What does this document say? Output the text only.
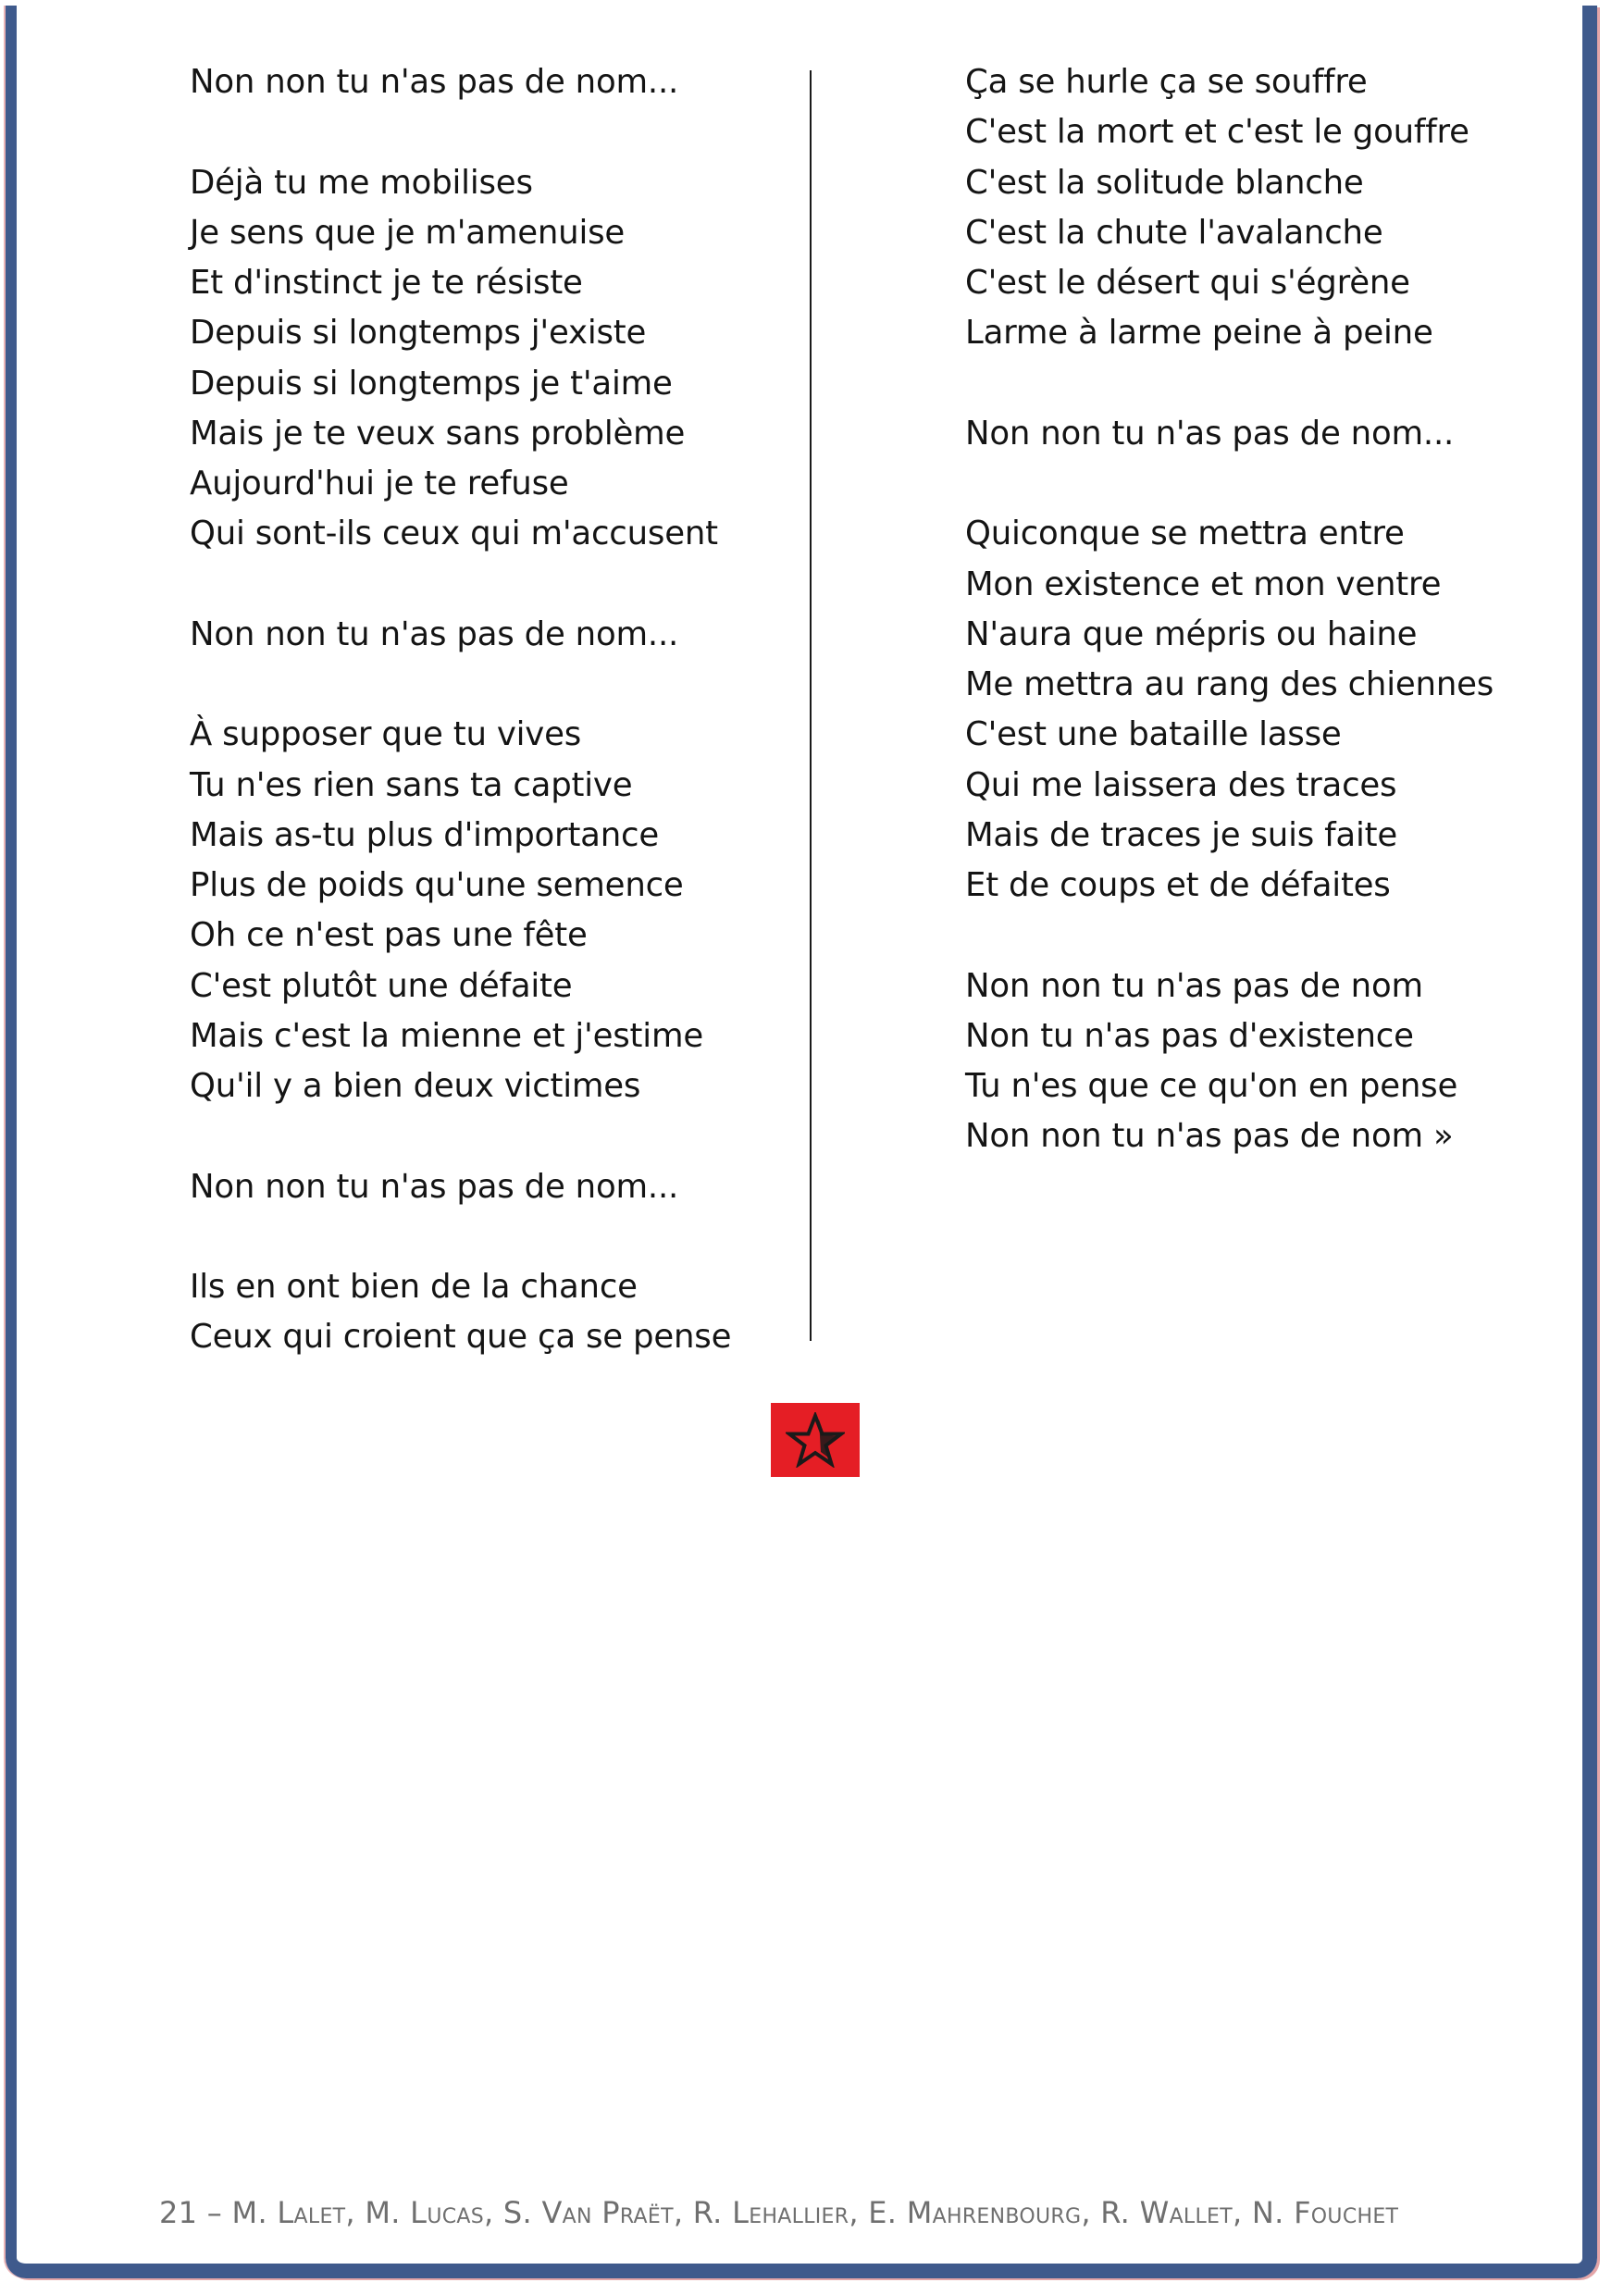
Non non tu n'as pas de nom...
Déjà tu me mobilises
Je sens que je m'amenuise
Et d'instinct je te résiste
Depuis si longtemps j'existe
Depuis si longtemps je t'aime
Mais je te veux sans problème
Aujourd'hui je te refuse
Qui sont-ils ceux qui m'accusent
Non non tu n'as pas de nom...
À supposer que tu vives
Tu n'es rien sans ta captive
Mais as-tu plus d'importance
Plus de poids qu'une semence
Oh ce n'est pas une fête
C'est plutôt une défaite
Mais c'est la mienne et j'estime
Qu'il y a bien deux victimes
Non non tu n'as pas de nom...
Ils en ont bien de la chance
Ceux qui croient que ça se pense
Ça se hurle ça se souffre
C'est la mort et c'est le gouffre
C'est la solitude blanche
C'est la chute l'avalanche
C'est le désert qui s'égrène
Larme à larme peine à peine
Non non tu n'as pas de nom...
Quiconque se mettra entre
Mon existence et mon ventre
N'aura que mépris ou haine
Me mettra au rang des chiennes
C'est une bataille lasse
Qui me laissera des traces
Mais de traces je suis faite
Et de coups et de défaites
Non non tu n'as pas de nom
Non tu n'as pas d'existence
Tu n'es que ce qu'on en pense
Non non tu n'as pas de nom »
21 – M. Lalet, M. Lucas, S. Van Praët, R. Lehallier, E. Mahrenbourg, R. Wallet, N. Fouchet
